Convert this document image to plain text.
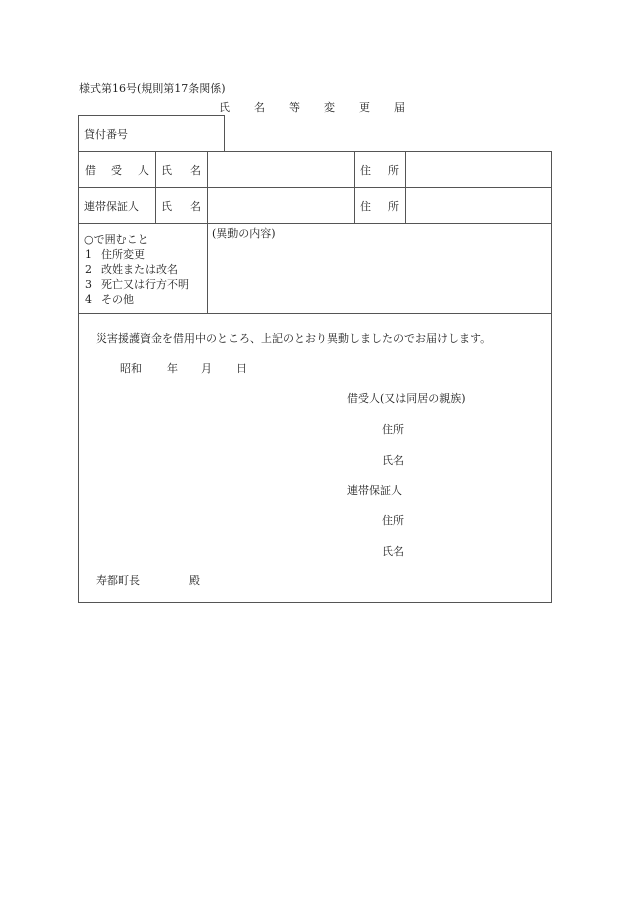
様式第16号(規則第17条関係)
氏 名 等 変 更 届
貸付番号
借 受 人 氏 名	住 所
連帯保証人 氏 名	住 所
○で囲むこと
1 住所変更
2 改姓または改名
3 死亡又は行方不明
4 その他
(異動の内容)
災害援護資金を借用中のところ、上記のとおり異動しましたのでお届けします。
昭和 年 月 日
借受人(又は同居の親族)
住所
氏名
連帯保証人
住所
氏名
寿都町長	殿
